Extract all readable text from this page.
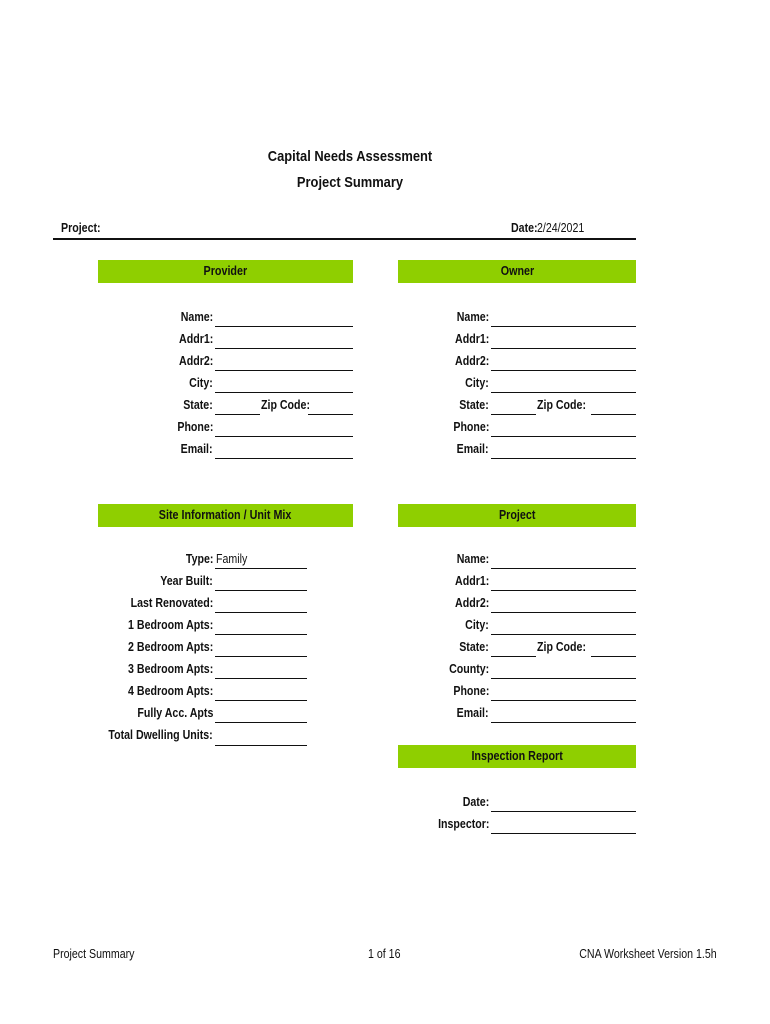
Capital Needs Assessment
Project Summary
Project:	Date: 2/24/2021
Provider
Name:
Addr1:
Addr2:
City:
State:	Zip Code:
Phone:
Email:
Owner
Name:
Addr1:
Addr2:
City:
State:	Zip Code:
Phone:
Email:
Site Information / Unit Mix
Type: Family
Year Built:
Last Renovated:
1 Bedroom Apts:
2 Bedroom Apts:
3 Bedroom Apts:
4 Bedroom Apts:
Fully Acc. Apts
Total Dwelling Units:
Project
Name:
Addr1:
Addr2:
City:
State:	Zip Code:
County:
Phone:
Email:
Inspection Report
Date:
Inspector:
Project Summary	1 of 16	CNA Worksheet Version 1.5h
